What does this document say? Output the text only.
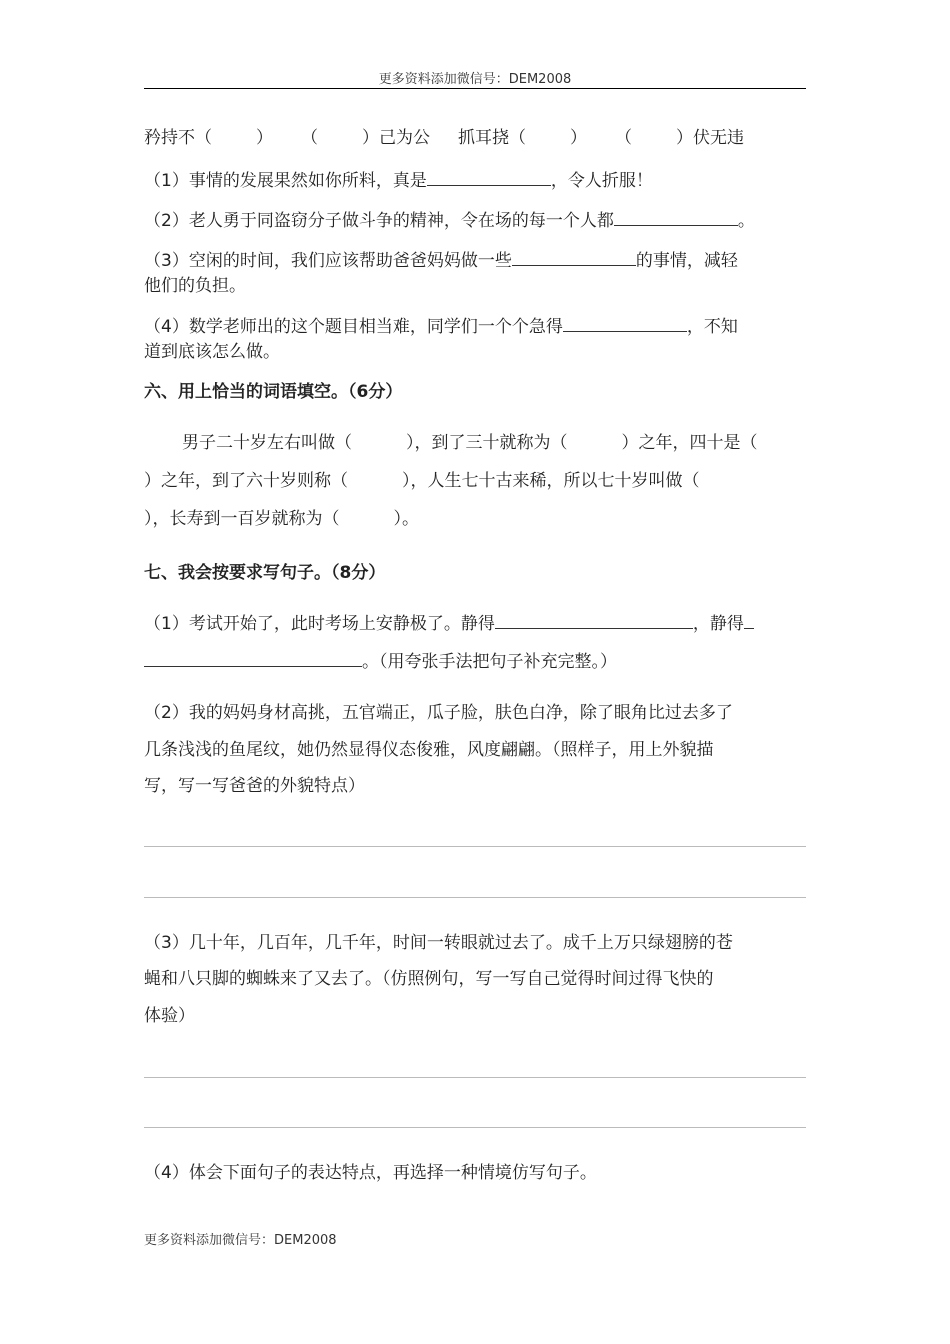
更多资料添加微信号：DEM2008
矜持不（	） （	）己为公 抓耳挠（	） （	）伏无违
（1）事情的发展果然如你所料，真是	，令人折服！
（2）老人勇于同盗窃分子做斗争的精神，令在场的每一个人都	。
（3）空闲的时间，我们应该帮助爸爸妈妈做一些	的事情，减轻
他们的负担。
（4）数学老师出的这个题目相当难，同学们一个个急得	，不知
道到底该怎么做。
六、用上恰当的词语填空。（6分）
男子二十岁左右叫做（	），到了三十就称为（	）之年，四十是（
）之年，到了六十岁则称（	），人生七十古来稀，所以七十岁叫做（
），长寿到一百岁就称为（	）。
七、我会按要求写句子。（8分）
（1）考试开始了，此时考场上安静极了。静得	，静得
。（用夸张手法把句子补充完整。）
（2）我的妈妈身材高挑，五官端正，瓜子脸，肤色白净，除了眼角比过去多了
几条浅浅的鱼尾纹，她仍然显得仪态俊雅，风度翩翩。（照样子，用上外貌描
写，写一写爸爸的外貌特点）
（3）几十年，几百年，几千年，时间一转眼就过去了。成千上万只绿翅膀的苍
蝇和八只脚的蜘蛛来了又去了。（仿照例句，写一写自己觉得时间过得飞快的
体验）
（4）体会下面句子的表达特点，再选择一种情境仿写句子。
更多资料添加微信号：DEM2008
